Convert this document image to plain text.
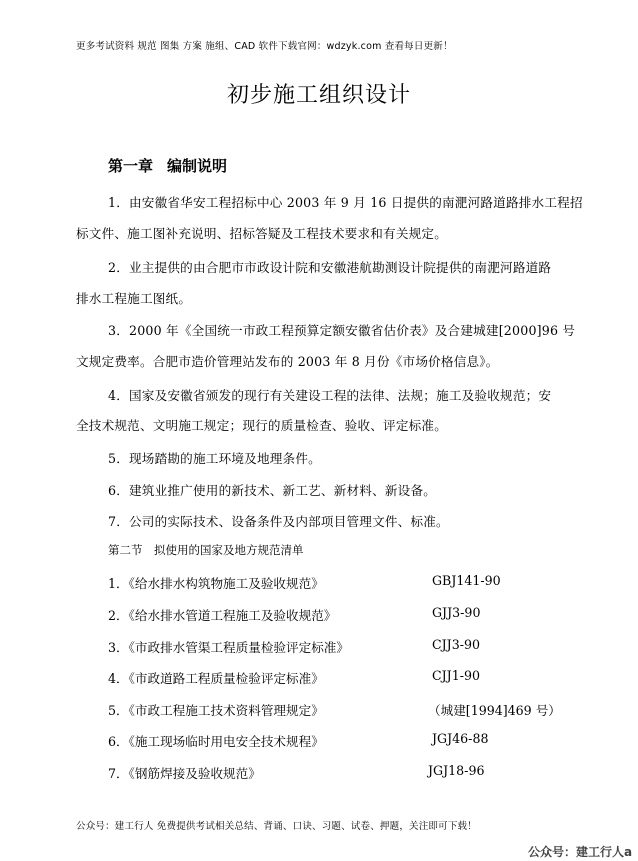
更多考试资料 规范 图集 方案 施组、CAD 软件下载官网：wdzyk.com 查看每日更新！
初步施工组织设计
第一章 编制说明
1．由安徽省华安工程招标中心 2003 年 9 月 16 日提供的南淝河路道路排水工程招
标文件、施工图补充说明、招标答疑及工程技术要求和有关规定。
2．业主提供的由合肥市市政设计院和安徽港航勘测设计院提供的南淝河路道路
排水工程施工图纸。
3．2000 年《全国统一市政工程预算定额安徽省估价表》及合建城建[2000]96 号
文规定费率。合肥市造价管理站发布的 2003 年 8 月份《市场价格信息》。
4．国家及安徽省颁发的现行有关建设工程的法律、法规；施工及验收规范；安
全技术规范、文明施工规定；现行的质量检查、验收、评定标准。
5．现场踏勘的施工环境及地理条件。
6．建筑业推广使用的新技术、新工艺、新材料、新设备。
7．公司的实际技术、设备条件及内部项目管理文件、标准。
第二节　拟使用的国家及地方规范清单
1．《给水排水构筑物施工及验收规范》	GBJ141-90
2．《给水排水管道工程施工及验收规范》	GJJ3-90
3．《市政排水管渠工程质量检验评定标准》	CJJ3-90
4．《市政道路工程质量检验评定标准》	CJJ1-90
5．《市政工程施工技术资料管理规定》	（城建[1994]469 号）
6．《施工现场临时用电安全技术规程》	JGJ46-88
7．《钢筋焊接及验收规范》	JGJ18-96
公众号：建工行人 免费提供考试相关总结、背诵、口诀、习题、试卷、押题，关注即可下载！
公众号：建工行人a
